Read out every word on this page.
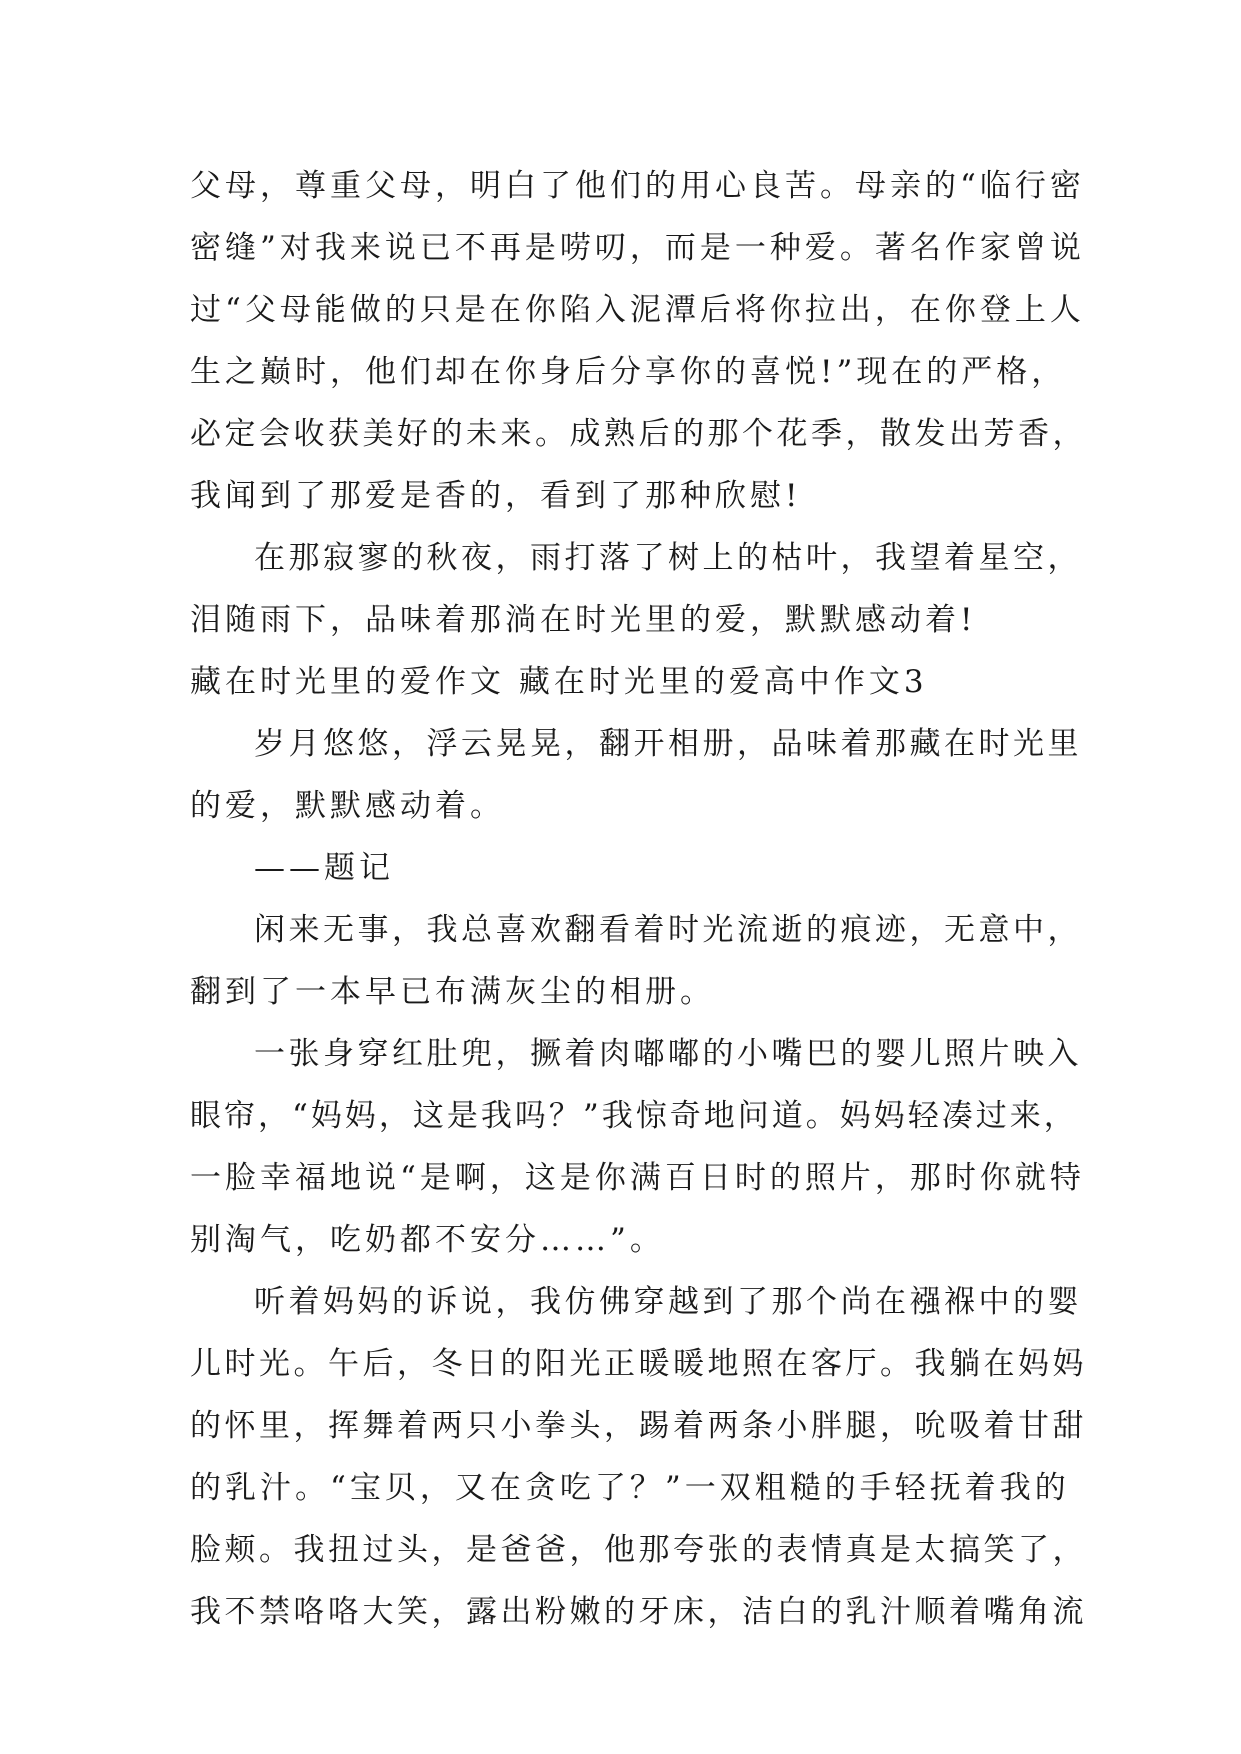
父母，尊重父母，明白了他们的用心良苦。母亲的“临行密
密缝”对我来说已不再是唠叨，而是一种爱。著名作家曾说
过“父母能做的只是在你陷入泥潭后将你拉出，在你登上人
生之巅时，他们却在你身后分享你的喜悦!”现在的严格，
必定会收获美好的未来。成熟后的那个花季，散发出芳香，
我闻到了那爱是香的，看到了那种欣慰!
在那寂寥的秋夜，雨打落了树上的枯叶，我望着星空，
泪随雨下，品味着那淌在时光里的爱，默默感动着!
藏在时光里的爱作文 藏在时光里的爱高中作文3
岁月悠悠，浮云晃晃，翻开相册，品味着那藏在时光里
的爱，默默感动着。
——题记
闲来无事，我总喜欢翻看着时光流逝的痕迹，无意中，
翻到了一本早已布满灰尘的相册。
一张身穿红肚兜，撅着肉嘟嘟的小嘴巴的婴儿照片映入
眼帘，“妈妈，这是我吗？”我惊奇地问道。妈妈轻凑过来，
一脸幸福地说“是啊，这是你满百日时的照片，那时你就特
别淘气，吃奶都不安分……”。
听着妈妈的诉说，我仿佛穿越到了那个尚在襁褓中的婴
儿时光。午后，冬日的阳光正暖暖地照在客厅。我躺在妈妈
的怀里，挥舞着两只小拳头，踢着两条小胖腿，吮吸着甘甜
的乳汁。“宝贝，又在贪吃了？”一双粗糙的手轻抚着我的
脸颊。我扭过头，是爸爸，他那夸张的表情真是太搞笑了，
我不禁咯咯大笑，露出粉嫩的牙床，洁白的乳汁顺着嘴角流
